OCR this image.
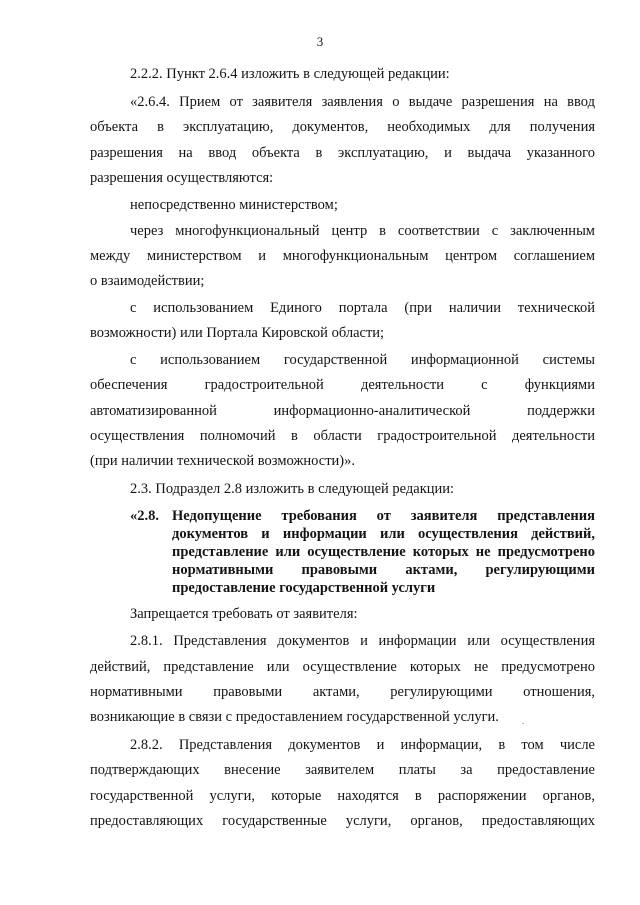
3
2.2.2. Пункт 2.6.4 изложить в следующей редакции:
«2.6.4. Прием от заявителя заявления о выдаче разрешения на ввод
объекта в эксплуатацию, документов, необходимых для получения
разрешения на ввод объекта в эксплуатацию, и выдача указанного
разрешения осуществляются:
непосредственно министерством;
через многофункциональный центр в соответствии с заключенным
между министерством и многофункциональным центром соглашением
о взаимодействии;
с использованием Единого портала (при наличии технической
возможности) или Портала Кировской области;
с использованием государственной информационной системы
обеспечения градостроительной деятельности с функциями
автоматизированной информационно-аналитической поддержки
осуществления полномочий в области градостроительной деятельности
(при наличии технической возможности)».
2.3. Подраздел 2.8 изложить в следующей редакции:
«2.8. Недопущение требования от заявителя представления
документов и информации или осуществления действий,
представление или осуществление которых не предусмотрено
нормативными правовыми актами, регулирующими
предоставление государственной услуги
Запрещается требовать от заявителя:
2.8.1. Представления документов и информации или осуществления
действий, представление или осуществление которых не предусмотрено
нормативными правовыми актами, регулирующими отношения,
возникающие в связи с предоставлением государственной услуги.	.
2.8.2. Представления документов и информации, в том числе
подтверждающих внесение заявителем платы за предоставление
государственной услуги, которые находятся в распоряжении органов,
предоставляющих государственные услуги, органов, предоставляющих
